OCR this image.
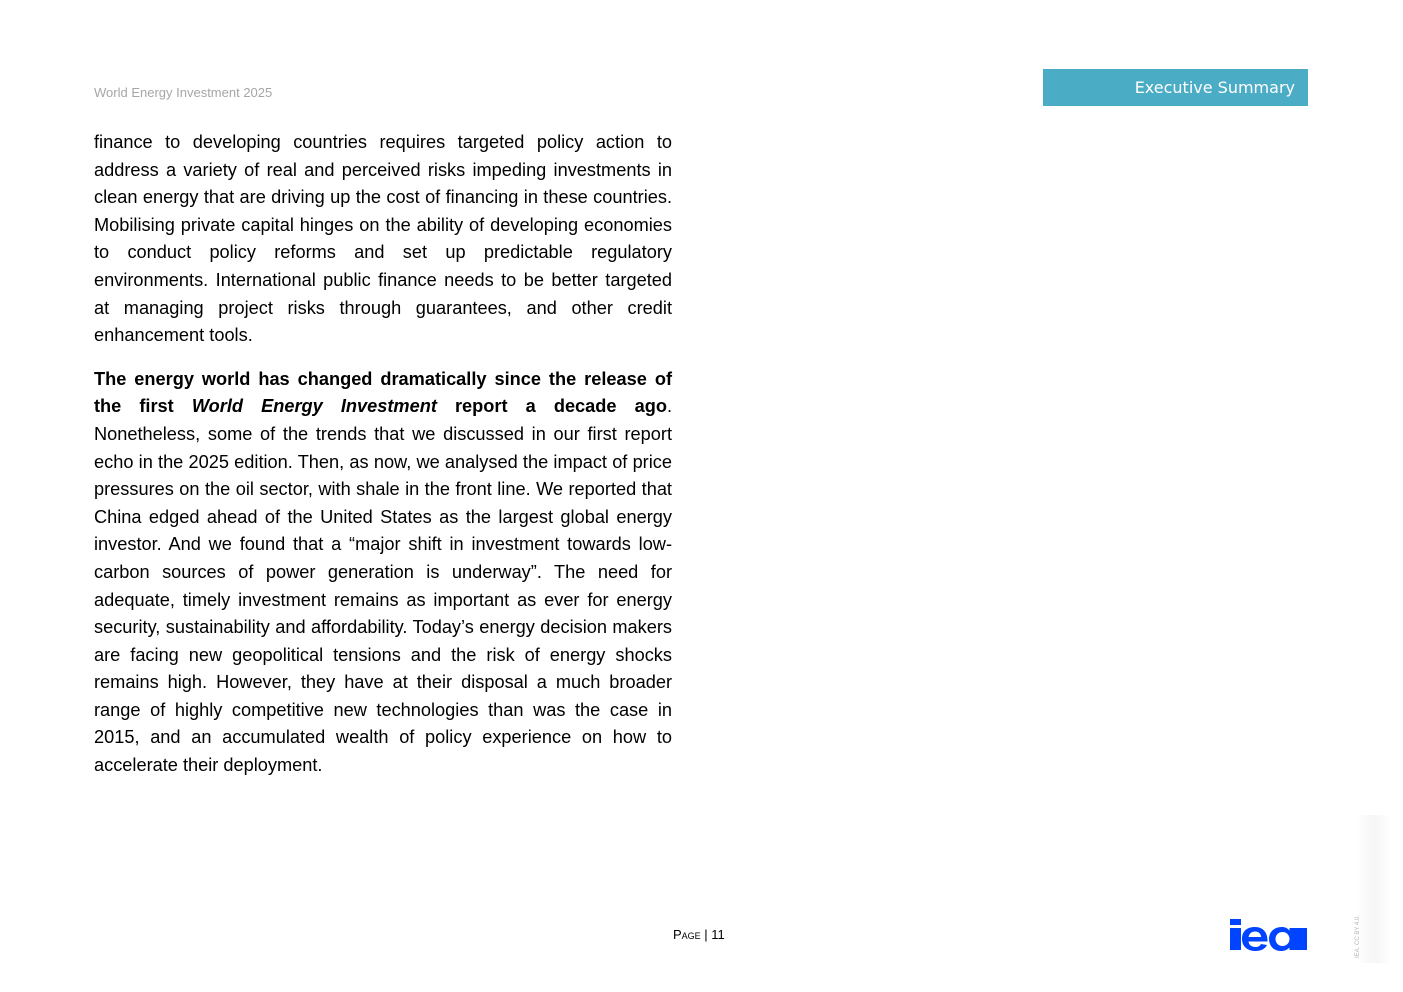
World Energy Investment 2025	Executive Summary

finance to developing countries requires targeted policy action to address a variety of real and perceived risks impeding investments in clean energy that are driving up the cost of financing in these countries. Mobilising private capital hinges on the ability of developing economies to conduct policy reforms and set up predictable regulatory environments. International public finance needs to be better targeted at managing project risks through guarantees, and other credit enhancement tools.

The energy world has changed dramatically since the release of the first World Energy Investment report a decade ago. Nonetheless, some of the trends that we discussed in our first report echo in the 2025 edition. Then, as now, we analysed the impact of price pressures on the oil sector, with shale in the front line. We reported that China edged ahead of the United States as the largest global energy investor. And we found that a “major shift in investment towards low-carbon sources of power generation is underway”. The need for adequate, timely investment remains as important as ever for energy security, sustainability and affordability. Today’s energy decision makers are facing new geopolitical tensions and the risk of energy shocks remains high. However, they have at their disposal a much broader range of highly competitive new technologies than was the case in 2015, and an accumulated wealth of policy experience on how to accelerate their deployment.

Page | 11	IEA. CC BY 4.0.
